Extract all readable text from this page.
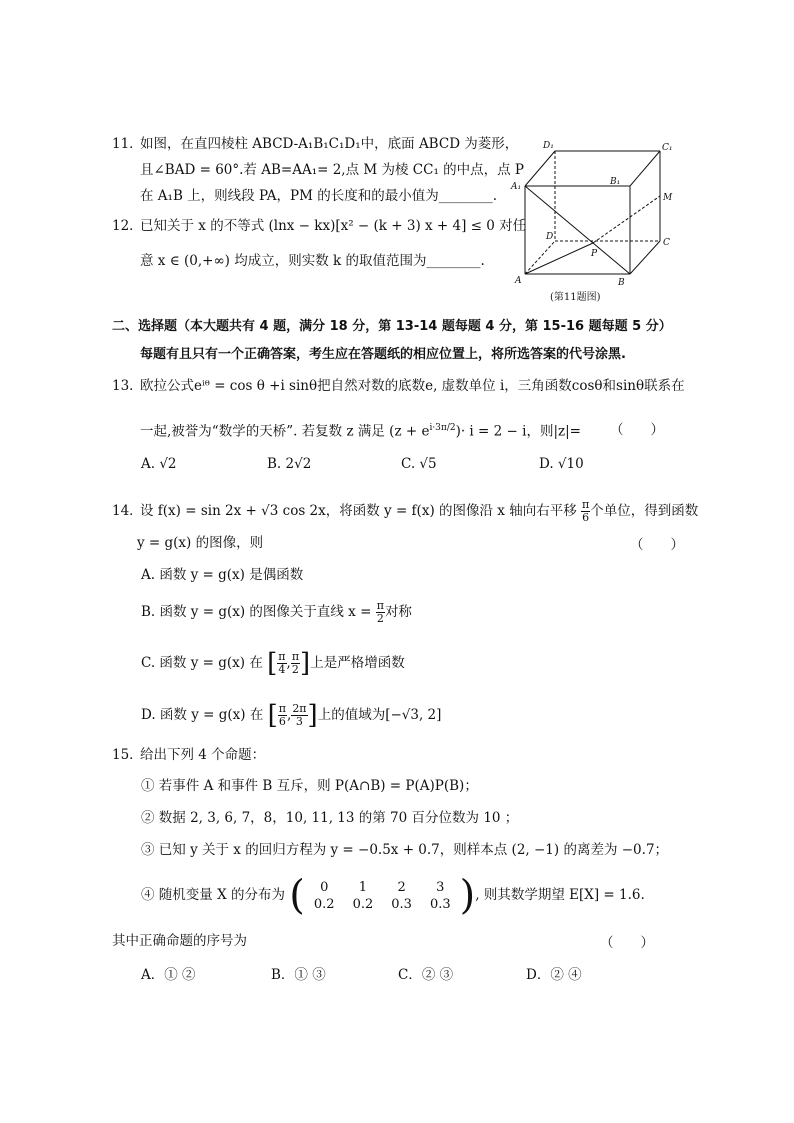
11．如图，在直四棱柱 ABCD-A₁B₁C₁D₁中，底面 ABCD 为菱形，
且∠BAD = 60°.若 AB=AA₁= 2,点 M 为棱 CC₁ 的中点，点 P
在 A₁B 上，则线段 PA，PM 的长度和的最小值为________.
12．已知关于 x 的不等式 (lnx − kx)[x² − (k + 3) x + 4] ≤ 0 对任
意 x ∈ (0,+∞) 均成立，则实数 k 的取值范围为________.
D₁	C₁
A₁	B₁
M
D
C
P
A	B
(第11题图)
二、选择题（本大题共有 4 题，满分 18 分，第 13-14 题每题 4 分，第 15-16 题每题 5 分）
每题有且只有一个正确答案，考生应在答题纸的相应位置上，将所选答案的代号涂黑.
13．欧拉公式eⁱᶿ = cos θ +i sinθ把自然对数的底数e, 虚数单位 i，三角函数cosθ和sinθ联系在
一起,被誉为“数学的天桥”. 若复数 z 满足 $(z + e^{i\cdot 3\pi/2})\cdot i = 2 - i$，则|z|= （　　）
A. √2	B. 2√2	C. √5	D. √10
14．设 f(x) = sin 2x + √3 cos 2x，将函数 y = f(x) 的图像沿 x 轴向右平移 $\frac{\pi}{6}$ 个单位，得到函数
y = g(x) 的图像，则	（　　）
A. 函数 y = g(x) 是偶函数
B. 函数 y = g(x) 的图像关于直线 $x = \frac{\pi}{2}$ 对称
C. 函数 y = g(x) 在 [ $\frac{\pi}{4}$ , $\frac{\pi}{2}$ ]上是严格增函数
D. 函数 y = g(x) 在 [ $\frac{\pi}{6}$ , $\frac{2\pi}{3}$ ]上的值域为[−√3, 2]
15．给出下列 4 个命题：
① 若事件 A 和事件 B 互斥，则 P(A∩B) = P(A)P(B)；
② 数据 2, 3, 6, 7，8，10, 11, 13 的第 70 百分位数为 10 ；
③ 已知 y 关于 x 的回归方程为 y = −0.5x + 0.7，则样本点 (2, −1) 的离差为 −0.7；
④ 随机变量 X 的分布为 ( 0	1	2	3
0.2	0.2	0.3	0.3 ), 则其数学期望 E[X] = 1.6.
其中正确命题的序号为	（　　）
A．① ②	B．① ③	C．② ③	D．② ④
